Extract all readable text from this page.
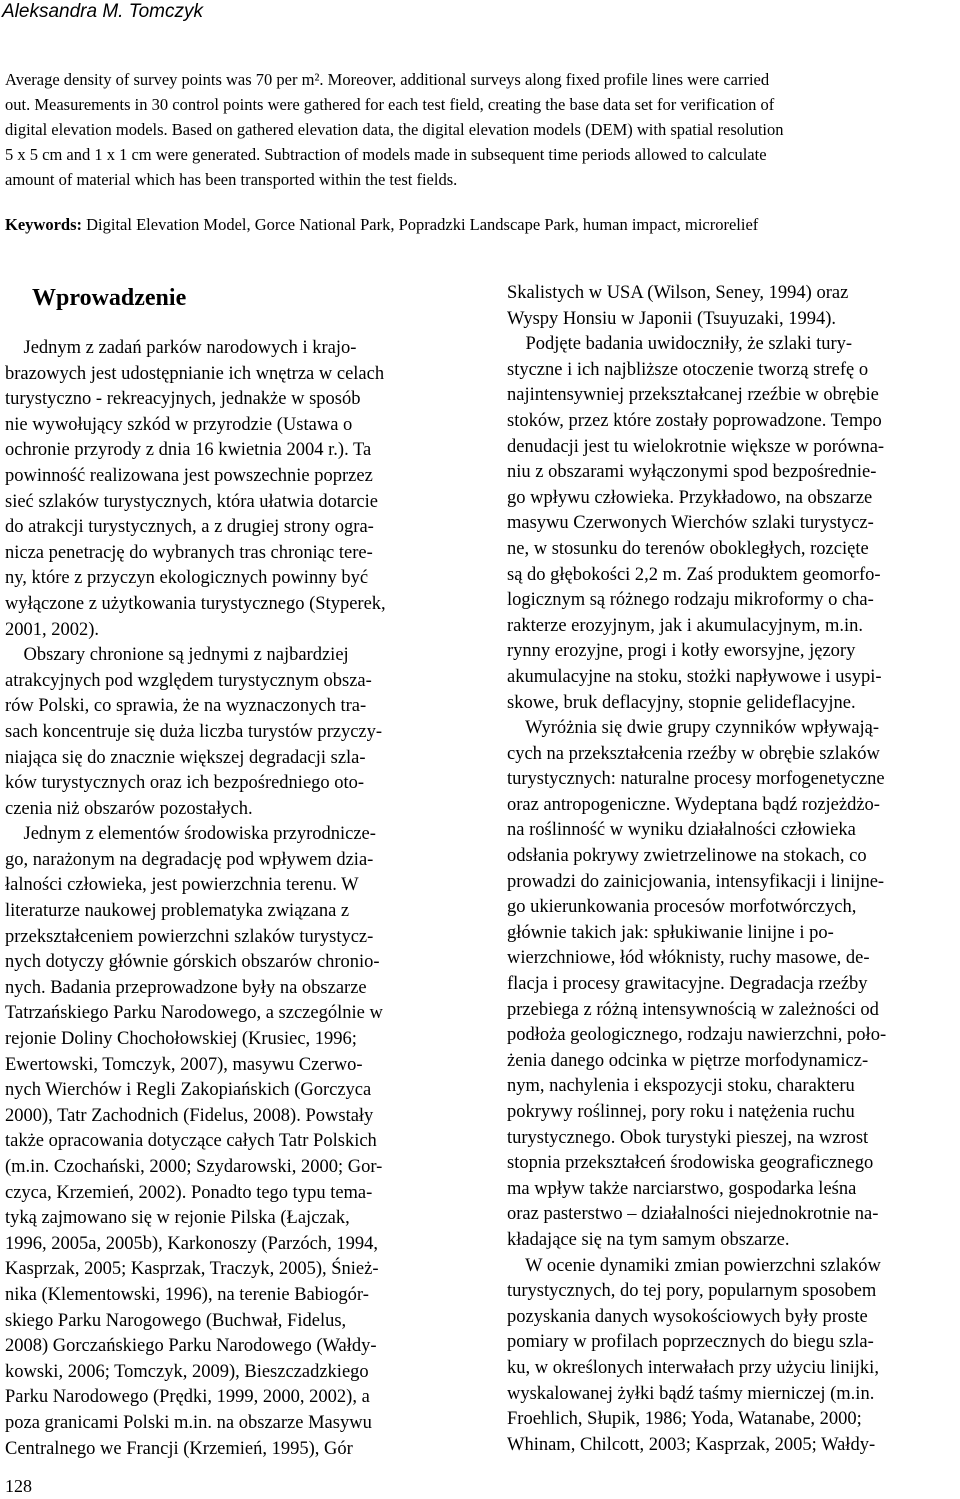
Aleksandra M. Tomczyk
Average density of survey points was 70 per m². Moreover, additional surveys along fixed profile lines were carried
out. Measurements in 30 control points were gathered for each test field, creating the base data set for verification of
digital elevation models. Based on gathered elevation data, the digital elevation models (DEM) with spatial resolution
5 x 5 cm and 1 x 1 cm were generated. Subtraction of models made in subsequent time periods allowed to calculate
amount of material which has been transported within the test fields.
Keywords: Digital Elevation Model, Gorce National Park, Popradzki Landscape Park, human impact, microrelief
Wprowadzenie
Jednym z zadań parków narodowych i krajo-
brazowych jest udostępnianie ich wnętrza w celach
turystyczno - rekreacyjnych, jednakże w sposób
nie wywołujący szkód w przyrodzie (Ustawa o
ochronie przyrody z dnia 16 kwietnia 2004 r.). Ta
powinność realizowana jest powszechnie poprzez
sieć szlaków turystycznych, która ułatwia dotarcie
do atrakcji turystycznych, a z drugiej strony ogra-
nicza penetrację do wybranych tras chroniąc tere-
ny, które z przyczyn ekologicznych powinny być
wyłączone z użytkowania turystycznego (Styperek,
2001, 2002).
Obszary chronione są jednymi z najbardziej
atrakcyjnych pod względem turystycznym obsza-
rów Polski, co sprawia, że na wyznaczonych tra-
sach koncentruje się duża liczba turystów przyczy-
niająca się do znacznie większej degradacji szla-
ków turystycznych oraz ich bezpośredniego oto-
czenia niż obszarów pozostałych.
Jednym z elementów środowiska przyrodnicze-
go, narażonym na degradację pod wpływem dzia-
łalności człowieka, jest powierzchnia terenu. W
literaturze naukowej problematyka związana z
przekształceniem powierzchni szlaków turystycz-
nych dotyczy głównie górskich obszarów chroniο-
nych. Badania przeprowadzone były na obszarze
Tatrzańskiego Parku Narodowego, a szczególnie w
rejonie Doliny Chochołowskiej (Krusiec, 1996;
Ewertowski, Tomczyk, 2007), masywu Czerwo-
nych Wierchów i Regli Zakopiańskich (Gorczyca
2000), Tatr Zachodnich (Fidelus, 2008). Powstały
także opracowania dotyczące całych Tatr Polskich
(m.in. Czochański, 2000; Szydarowski, 2000; Gor-
czyca, Krzemień, 2002). Ponadto tego typu tema-
tyką zajmowano się w rejonie Pilska (Łajczak,
1996, 2005a, 2005b), Karkonoszy (Parzóch, 1994,
Kasprzak, 2005; Kasprzak, Traczyk, 2005), Śnież-
nika (Klementowski, 1996), na terenie Babiogór-
skiego Parku Narogowego (Buchwał, Fidelus,
2008) Gorczańskiego Parku Narodowego (Wałdy-
kowski, 2006; Tomczyk, 2009), Bieszczadzkiego
Parku Narodowego (Prędki, 1999, 2000, 2002), a
poza granicami Polski m.in. na obszarze Masywu
Centralnego we Francji (Krzemień, 1995), Gór
Skalistych w USA (Wilson, Seney, 1994) oraz
Wyspy Honsiu w Japonii (Tsuyuzaki, 1994).
Podjęte badania uwidoczniły, że szlaki tury-
styczne i ich najbliższe otoczenie tworzą strefę o
najintensywniej przekształcanej rzeźbie w obrębie
stoków, przez które zostały poprowadzone. Tempo
denudacji jest tu wielokrotnie większe w porówna-
niu z obszarami wyłączonymi spod bezpośrednie-
go wpływu człowieka. Przykładowo, na obszarze
masywu Czerwonych Wierchów szlaki turystycz-
ne, w stosunku do terenów obokległych, rozcięte
są do głębokości 2,2 m. Zaś produktem geomorfo-
logicznym są różnego rodzaju mikroformy o cha-
rakterze erozyjnym, jak i akumulacyjnym, m.in.
rynny erozyjne, progi i kotły eworsyjne, jęzory
akumulacyjne na stoku, stożki napływowe i usypi-
skowe, bruk deflacyjny, stopnie gelideflacyjne.
Wyróżnia się dwie grupy czynników wpływają-
cych na przekształcenia rzeźby w obrębie szlaków
turystycznych: naturalne procesy morfogenetyczne
oraz antropogeniczne. Wydeptana bądź rozjeżdżo-
na roślinność w wyniku działalności człowieka
odsłania pokrywy zwietrzelinowe na stokach, co
prowadzi do zainicjowania, intensyfikacji i linijne-
go ukierunkowania procesów morfotwórczych,
głównie takich jak: spłukiwanie linijne i po-
wierzchniowe, łód włóknisty, ruchy masowe, de-
flacja i procesy grawitacyjne. Degradacja rzeźby
przebiega z różną intensywnością w zależności od
podłoża geologicznego, rodzaju nawierzchni, poło-
żenia danego odcinka w piętrze morfodynamicz-
nym, nachylenia i ekspozycji stoku, charakteru
pokrywy roślinnej, pory roku i natężenia ruchu
turystycznego. Obok turystyki pieszej, na wzrost
stopnia przekształceń środowiska geograficznego
ma wpływ także narciarstwo, gospodarka leśna
oraz pasterstwo – działalności niejednokrotnie na-
kładające się na tym samym obszarze.
W ocenie dynamiki zmian powierzchni szlaków
turystycznych, do tej pory, popularnym sposobem
pozyskania danych wysokościowych były proste
pomiary w profilach poprzecznych do biegu szla-
ku, w określonych interwałach przy użyciu linijki,
wyskalowanej żyłki bądź taśmy mierniczej (m.in.
Froehlich, Słupik, 1986; Yoda, Watanabe, 2000;
Whinam, Chilcott, 2003; Kasprzak, 2005; Wałdy-
128
